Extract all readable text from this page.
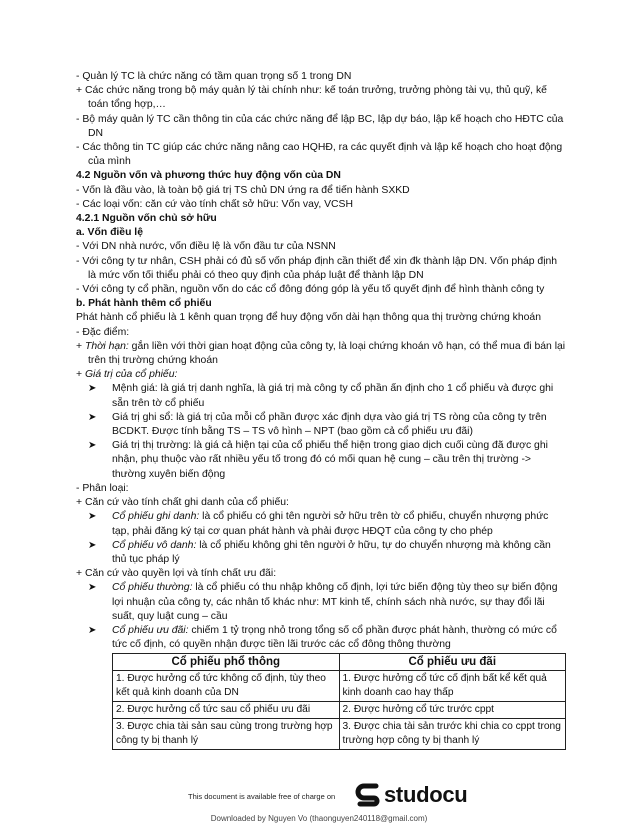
- Quản lý TC là chức năng có tầm quan trọng số 1 trong DN

+ Các chức năng trong bộ máy quản lý tài chính như: kế toán trưởng, trưởng phòng tài vụ, thủ quỹ, kế toán tổng hợp,…

- Bộ máy quản lý TC cần thông tin của các chức năng để lập BC, lập dự báo, lập kế hoạch cho HĐTC của DN

- Các thông tin TC giúp các chức năng nâng cao HQHĐ, ra các quyết định và lập kế hoạch cho hoạt động của mình

4.2 Nguồn vốn và phương thức huy động vốn của DN

- Vốn là đầu vào, là toàn bộ giá trị TS chủ DN ứng ra để tiến hành SXKD

- Các loại vốn: căn cứ vào tính chất sở hữu: Vốn vay, VCSH

4.2.1 Nguồn vốn chủ sở hữu

a. Vốn điều lệ

- Với DN nhà nước, vốn điều lệ là vốn đầu tư của NSNN

- Với công ty tư nhân, CSH phải có đủ số vốn pháp định cần thiết để xin đk thành lập DN. Vốn pháp định là mức vốn tối thiểu phải có theo quy định của pháp luật để thành lập DN

- Với công ty cổ phần, nguồn vốn do các cổ đông đóng góp là yếu tố quyết định để hình thành công ty

b. Phát hành thêm cổ phiếu

Phát hành cổ phiếu là 1 kênh quan trọng để huy động vốn dài hạn thông qua thị trường chứng khoán

- Đặc điểm:

+ Thời hạn: gắn liền với thời gian hoạt động của công ty, là loại chứng khoán vô hạn, có thể mua đi bán lại trên thị trường chứng khoán

+ Giá trị của cổ phiếu:

➤ Mệnh giá: là giá trị danh nghĩa, là giá trị mà công ty cổ phần ấn định cho 1 cổ phiếu và được ghi sẵn trên tờ cổ phiếu
➤ Giá trị ghi sổ: là giá trị của mỗi cổ phần được xác định dựa vào giá trị TS ròng của công ty trên BCDKT. Được tính bằng TS – TS vô hình – NPT (bao gồm cả cổ phiếu ưu đãi)
➤ Giá trị thị trường: là giá cả hiện tại của cổ phiếu thể hiện trong giao dịch cuối cùng đã được ghi nhận, phụ thuộc vào rất nhiều yếu tố trong đó có mối quan hệ cung – cầu trên thị trường -> thường xuyên biến động

- Phân loại:

+ Căn cứ vào tính chất ghi danh của cổ phiếu:

➤ Cổ phiếu ghi danh: là cổ phiếu có ghi tên người sở hữu trên tờ cổ phiếu, chuyển nhượng phức tạp, phải đăng ký tại cơ quan phát hành và phải được HĐQT của công ty cho phép
➤ Cổ phiếu vô danh: là cổ phiếu không ghi tên người ở hữu, tự do chuyển nhượng mà không cần thủ tục pháp lý

+ Căn cứ vào quyền lợi và tính chất ưu đãi:

➤ Cổ phiếu thường: là cổ phiếu có thu nhập không cố định, lợi tức biến động tùy theo sự biến động lợi nhuận của công ty, các nhân tố khác như: MT kinh tế, chính sách nhà nước, sự thay đổi lãi suất, quy luật cung – cầu
➤ Cổ phiếu ưu đãi: chiếm 1 tỷ trọng nhỏ trong tổng số cổ phần được phát hành, thường có mức cổ tức cố định, có quyền nhận được tiền lãi trước các cổ đông thông thường
Cổ phiếu phổ thông	Cổ phiếu ưu đãi
1. Được hưởng cổ tức không cố định, tùy theo kết quả kinh doanh của DN	1. Được hưởng cổ tức cố định bất kể kết quả kinh doanh cao hay thấp
2. Được hưởng cổ tức sau cổ phiếu ưu đãi	2. Được hưởng cổ tức trước cppt
3. Được chia tài sản sau cùng trong trường hợp công ty bị thanh lý	3. Được chia tài sản trước khi chia co cppt trong trường hợp công ty bị thanh lý
This document is available free of charge on studocu
Downloaded by Nguyen Vo (thaonguyen240118@gmail.com)
